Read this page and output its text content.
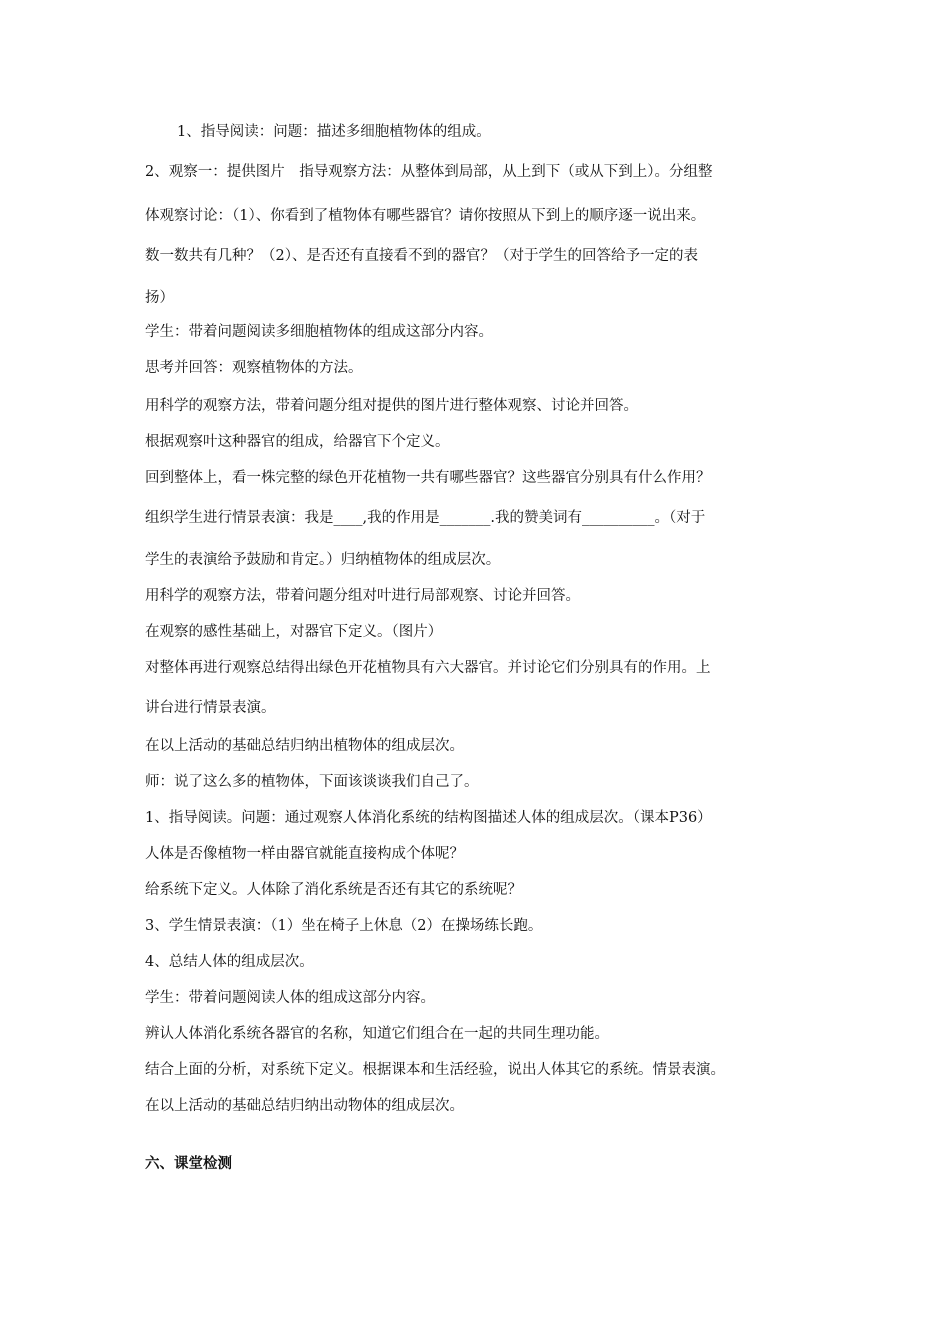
1、指导阅读：问题：描述多细胞植物体的组成。

2、观察一：提供图片　指导观察方法：从整体到局部，从上到下（或从下到上）。分组整

体观察讨论：（1）、你看到了植物体有哪些器官？请你按照从下到上的顺序逐一说出来。

数一数共有几种？（2）、是否还有直接看不到的器官？（对于学生的回答给予一定的表

扬）

学生：带着问题阅读多细胞植物体的组成这部分内容。

思考并回答：观察植物体的方法。

用科学的观察方法，带着问题分组对提供的图片进行整体观察、讨论并回答。

根据观察叶这种器官的组成，给器官下个定义。

回到整体上，看一株完整的绿色开花植物一共有哪些器官？这些器官分别具有什么作用？

组织学生进行情景表演：我是____,我的作用是_______.我的赞美词有__________。（对于

学生的表演给予鼓励和肯定。）归纳植物体的组成层次。

用科学的观察方法，带着问题分组对叶进行局部观察、讨论并回答。

在观察的感性基础上，对器官下定义。（图片）

对整体再进行观察总结得出绿色开花植物具有六大器官。并讨论它们分别具有的作用。上

讲台进行情景表演。

在以上活动的基础总结归纳出植物体的组成层次。

师：说了这么多的植物体，下面该谈谈我们自己了。

1、指导阅读。问题：通过观察人体消化系统的结构图描述人体的组成层次。（课本P36）

人体是否像植物一样由器官就能直接构成个体呢？

给系统下定义。人体除了消化系统是否还有其它的系统呢？

3、学生情景表演：（1）坐在椅子上休息（2）在操场练长跑。

4、总结人体的组成层次。

学生：带着问题阅读人体的组成这部分内容。

辨认人体消化系统各器官的名称，知道它们组合在一起的共同生理功能。

结合上面的分析，对系统下定义。根据课本和生活经验，说出人体其它的系统。情景表演。

在以上活动的基础总结归纳出动物体的组成层次。

六、课堂检测
